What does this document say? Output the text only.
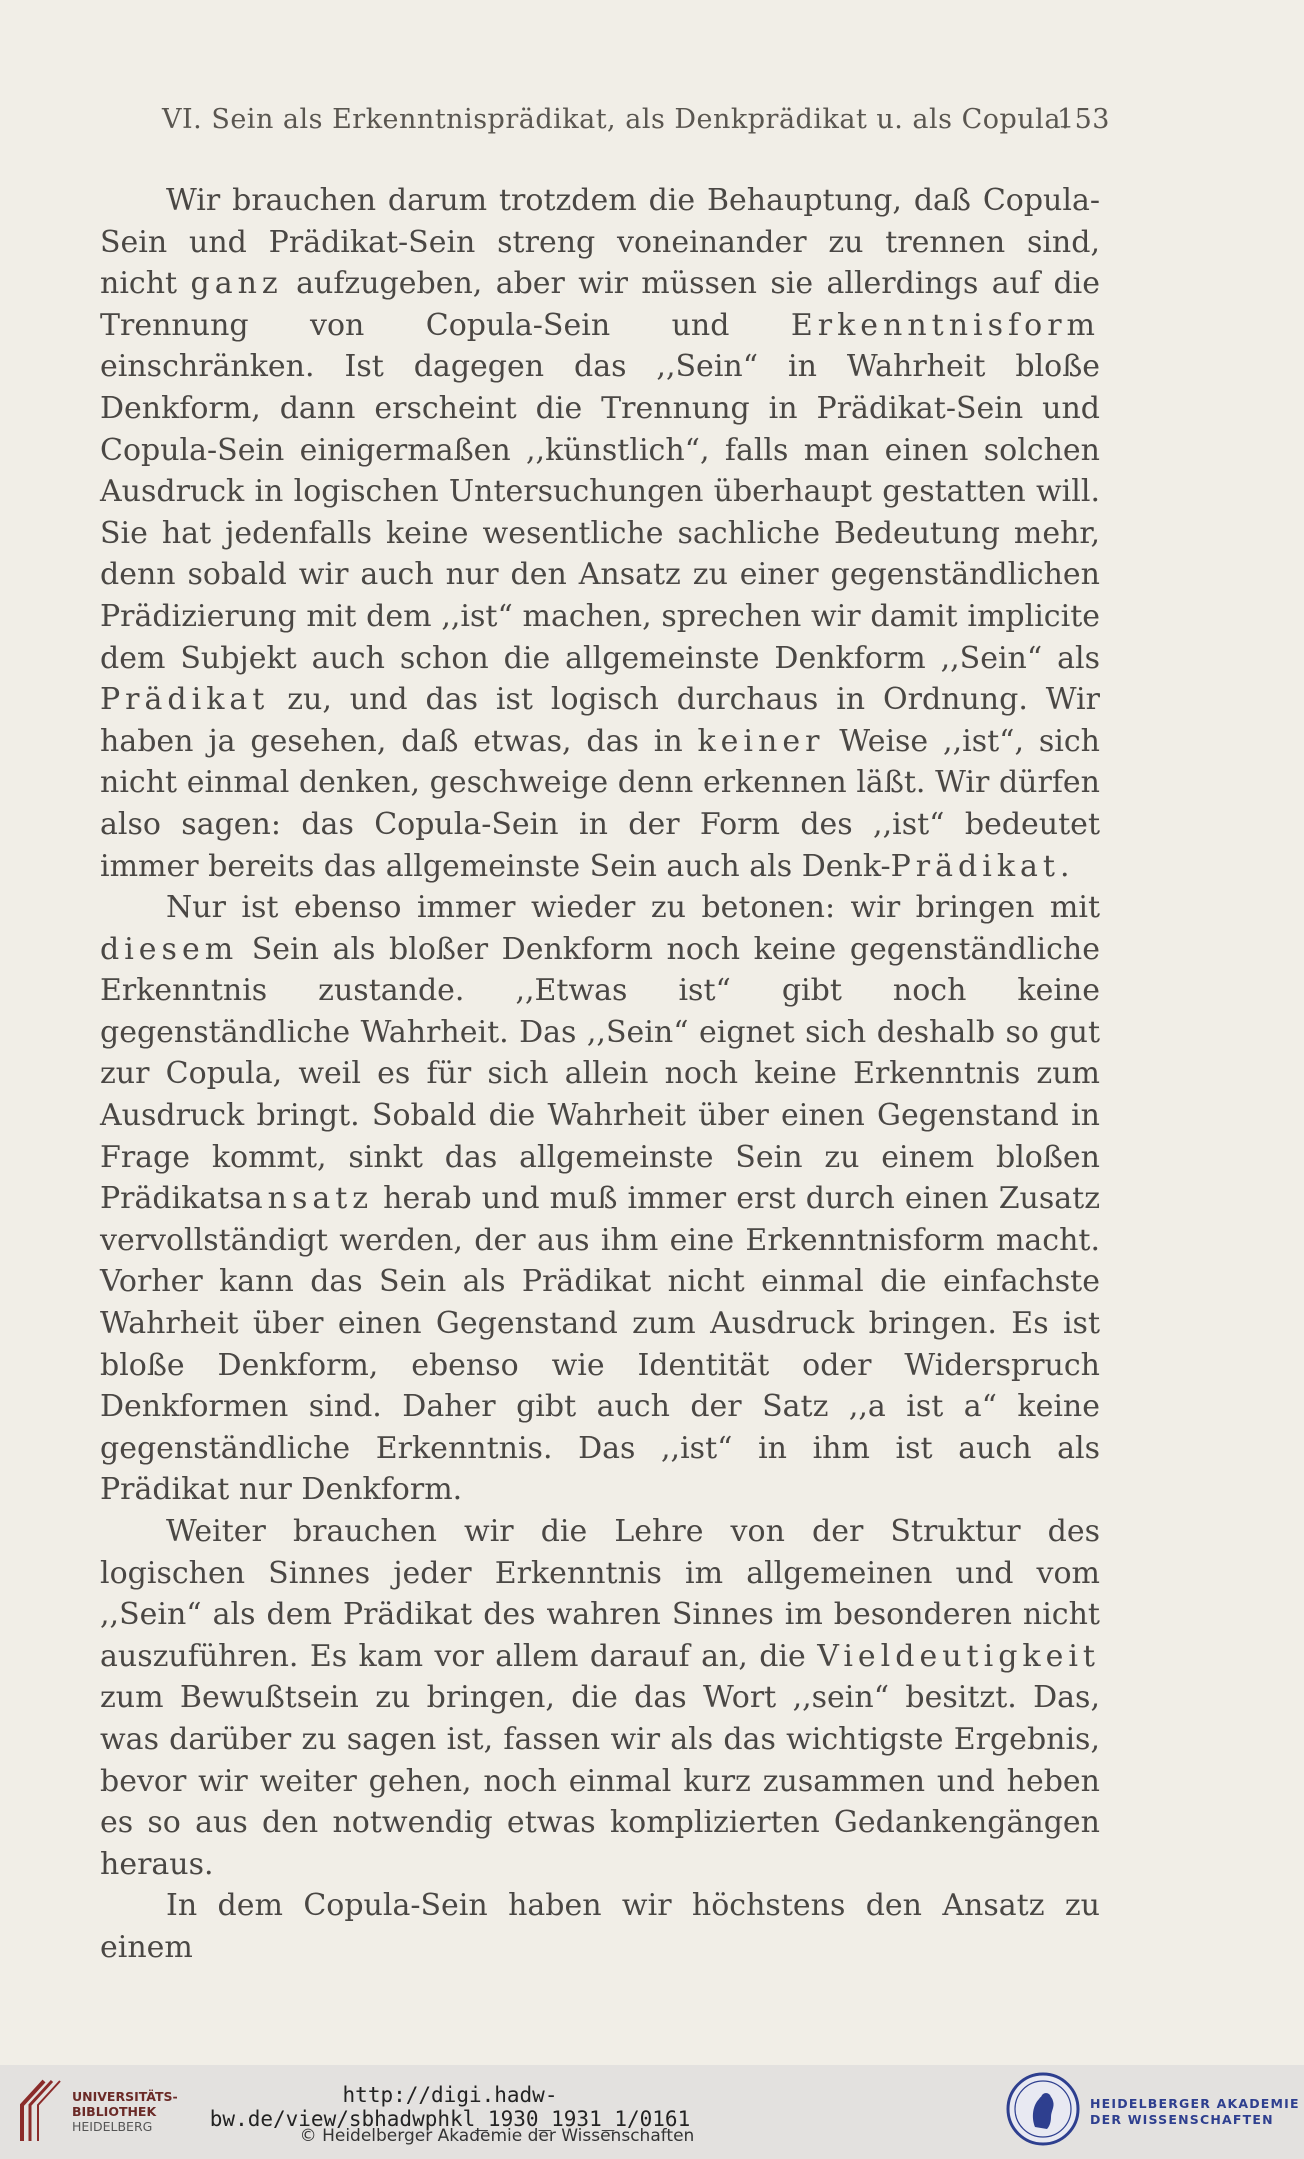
VI. Sein als Erkenntnisprädikat, als Denkprädikat u. als Copula.
153

Wir brauchen darum trotzdem die Behauptung, daß Copula-Sein und Prädikat-Sein streng voneinander zu trennen sind, nicht ganz aufzugeben, aber wir müssen sie allerdings auf die Trennung von Copula-Sein und Erkenntnisform einschränken. Ist dagegen das ,,Sein“ in Wahrheit bloße Denkform, dann erscheint die Trennung in Prädikat-Sein und Copula-Sein einigermaßen ,,künstlich“, falls man einen solchen Ausdruck in logischen Untersuchungen überhaupt gestatten will. Sie hat jedenfalls keine wesentliche sachliche Bedeutung mehr, denn sobald wir auch nur den Ansatz zu einer gegenständlichen Prädizierung mit dem ,,ist“ machen, sprechen wir damit implicite dem Subjekt auch schon die allgemeinste Denkform ,,Sein“ als Prädikat zu, und das ist logisch durchaus in Ordnung. Wir haben ja gesehen, daß etwas, das in keiner Weise ,,ist“, sich nicht einmal denken, geschweige denn erkennen läßt. Wir dürfen also sagen: das Copula-Sein in der Form des ,,ist“ bedeutet immer bereits das allgemeinste Sein auch als Denk-Prädikat.

Nur ist ebenso immer wieder zu betonen: wir bringen mit diesem Sein als bloßer Denkform noch keine gegenständliche Erkenntnis zustande. ,,Etwas ist“ gibt noch keine gegenständliche Wahrheit. Das ,,Sein“ eignet sich deshalb so gut zur Copula, weil es für sich allein noch keine Erkenntnis zum Ausdruck bringt. Sobald die Wahrheit über einen Gegenstand in Frage kommt, sinkt das allgemeinste Sein zu einem bloßen Prädikatsansatz herab und muß immer erst durch einen Zusatz vervollständigt werden, der aus ihm eine Erkenntnisform macht. Vorher kann das Sein als Prädikat nicht einmal die einfachste Wahrheit über einen Gegenstand zum Ausdruck bringen. Es ist bloße Denkform, ebenso wie Identität oder Widerspruch Denkformen sind. Daher gibt auch der Satz ,,a ist a“ keine gegenständliche Erkenntnis. Das ,,ist“ in ihm ist auch als Prädikat nur Denkform.

Weiter brauchen wir die Lehre von der Struktur des logischen Sinnes jeder Erkenntnis im allgemeinen und vom ,,Sein“ als dem Prädikat des wahren Sinnes im besonderen nicht auszuführen. Es kam vor allem darauf an, die Vieldeutigkeit zum Bewußtsein zu bringen, die das Wort ,,sein“ besitzt. Das, was darüber zu sagen ist, fassen wir als das wichtigste Ergebnis, bevor wir weiter gehen, noch einmal kurz zusammen und heben es so aus den notwendig etwas komplizierten Gedankengängen heraus.

In dem Copula-Sein haben wir höchstens den Ansatz zu einem

UNIVERSITÄTS-
BIBLIOTHEK
HEIDELBERG
http://digi.hadw-bw.de/view/sbhadwphkl_1930_1931_1/0161
© Heidelberger Akademie der Wissenschaften
HEIDELBERGER AKADEMIE
DER WISSENSCHAFTEN
